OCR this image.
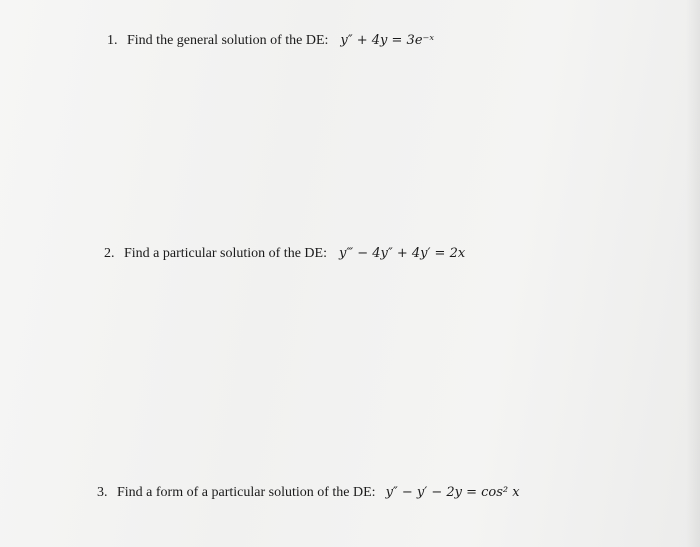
1. Find the general solution of the DE: y″ + 4y = 3e⁻ˣ
2. Find a particular solution of the DE: y‴ − 4y″ + 4y′ = 2x
3. Find a form of a particular solution of the DE: y″ − y′ − 2y = cos² x
